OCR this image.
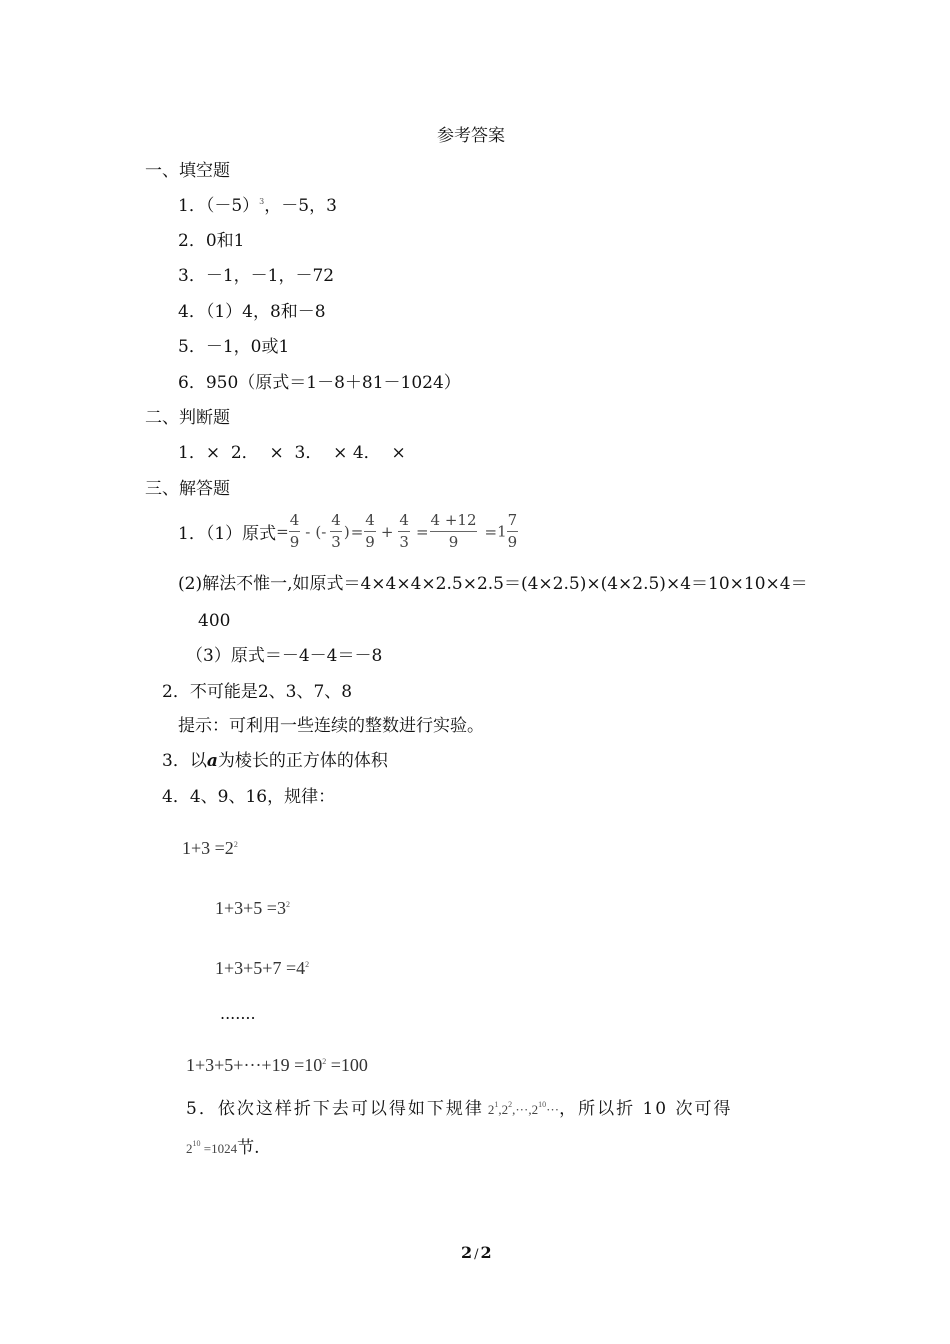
参考答案
一、填空题
1．$(-5)^3$，－5，3
2．0和1
3．－1，－1，－72
4．（1）4，8和－8
5．－1，0或1
6．950（原式＝1－8＋81－1024）
二、判断题
1．×  2．  ×  3．  × 4．  ×
三、解答题
1．（1）原式= $\frac{4}{9}$ - (- $\frac{4}{3}$ )= $\frac{4}{9} + \frac{4}{3} = \frac{4 +12}{9} =1 \frac{7}{9}$
(2)解法不惟一,如原式＝4×4×4×2.5×2.5＝(4×2.5)×(4×2.5)×4＝10×10×4＝
400
（3）原式＝－4－4＝－8
2．不可能是2、3、7、8
提示：可利用一些连续的整数进行实验。
3．以a为棱长的正方体的体积
4．4、9、16，规律：
$1+3 =2^2$
$1+3+5 =3^2$
$1+3+5+7 =4^2$
.......
$1+3+5+\cdot\cdot\cdot+19 =10^2 =100$
5．依次这样折下去可以得如下规律 $2^1,2^2,\cdot\cdot\cdot,2^{10}\cdot\cdot\cdot$，所以折 10 次可得
$2^{10} =1024$节.
2 / 2
